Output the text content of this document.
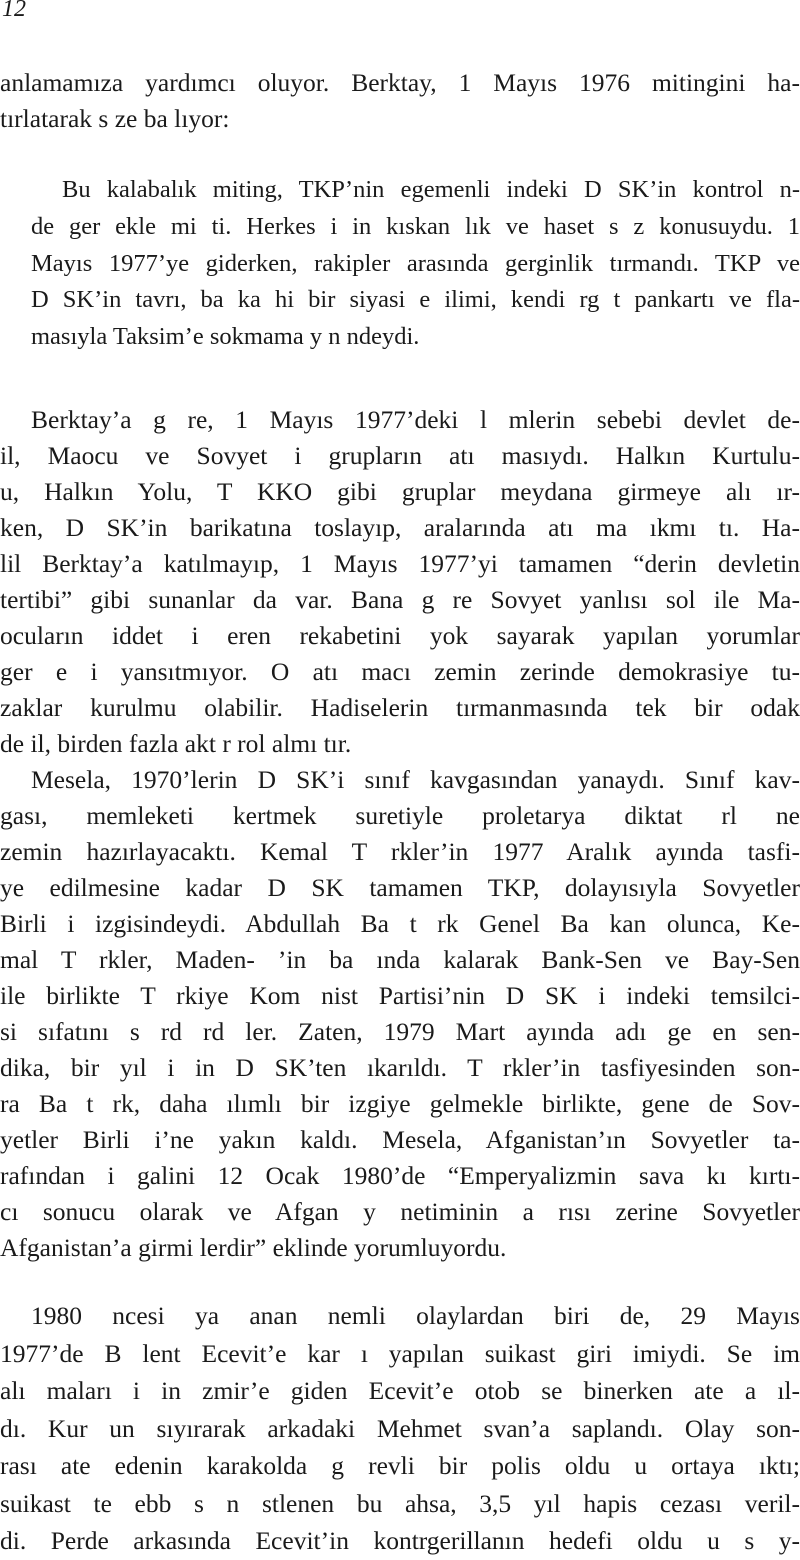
12
anlamamıza yardımcı oluyor. Berktay, 1 Mayıs 1976 mitingini ha-
tırlatarak s ze ba lıyor:
Bu kalabalık miting, TKP’nin egemenli indeki D SK’in kontrol n-
de ger ekle mi ti. Herkes i in kıskan lık ve haset s z konusuydu. 1
Mayıs 1977’ye giderken, rakipler arasında gerginlik tırmandı. TKP ve
D SK’in tavrı, ba ka hi bir siyasi e ilimi, kendi rg t pankartı ve fla-
masıyla Taksim’e sokmama y n ndeydi.
Berktay’a g re, 1 Mayıs 1977’deki l mlerin sebebi devlet de-
il, Maocu ve Sovyet i grupların atı masıydı. Halkın Kurtulu-
u, Halkın Yolu, T KKO gibi gruplar meydana girmeye alı ır-
ken, D SK’in barikatına toslayıp, aralarında atı ma ıkmı tı. Ha-
lil Berktay’a katılmayıp, 1 Mayıs 1977’yi tamamen “derin devletin
tertibi” gibi sunanlar da var. Bana g re Sovyet yanlısı sol ile Ma-
ocuların iddet i eren rekabetini yok sayarak yapılan yorumlar
ger e i yansıtmıyor. O atı macı zemin zerinde demokrasiye tu-
zaklar kurulmu olabilir. Hadiselerin tırmanmasında tek bir odak
de il, birden fazla akt r rol almı tır.
Mesela, 1970’lerin D SK’i sınıf kavgasından yanaydı. Sınıf kav-
gası, memleketi kertmek suretiyle proletarya diktat rl ne
zemin hazırlayacaktı. Kemal T rkler’in 1977 Aralık ayında tasfi-
ye edilmesine kadar D SK tamamen TKP, dolayısıyla Sovyetler
Birli i izgisindeydi. Abdullah Ba t rk Genel Ba kan olunca, Ke-
mal T rkler, Maden- ’in ba ında kalarak Bank-Sen ve Bay-Sen
ile birlikte T rkiye Kom nist Partisi’nin D SK i indeki temsilci-
si sıfatını s rd rd ler. Zaten, 1979 Mart ayında adı ge en sen-
dika, bir yıl i in D SK’ten ıkarıldı. T rkler’in tasfiyesinden son-
ra Ba t rk, daha ılımlı bir izgiye gelmekle birlikte, gene de Sov-
yetler Birli i’ne yakın kaldı. Mesela, Afganistan’ın Sovyetler ta-
rafından i galini 12 Ocak 1980’de “Emperyalizmin sava kı kırtı-
cı sonucu olarak ve Afgan y netiminin a rısı zerine Sovyetler
Afganistan’a girmi lerdir” eklinde yorumluyordu.
1980 ncesi ya anan nemli olaylardan biri de, 29 Mayıs
1977’de B lent Ecevit’e kar ı yapılan suikast giri imiydi. Se im
alı maları i in zmir’e giden Ecevit’e otob se binerken ate a ıl-
dı. Kur un sıyırarak arkadaki Mehmet svan’a saplandı. Olay son-
rası ate edenin karakolda g revli bir polis oldu u ortaya ıktı;
suikast te ebb s n stlenen bu ahsa, 3,5 yıl hapis cezası veril-
di. Perde arkasında Ecevit’in kontrgerillanın hedefi oldu u s y-
